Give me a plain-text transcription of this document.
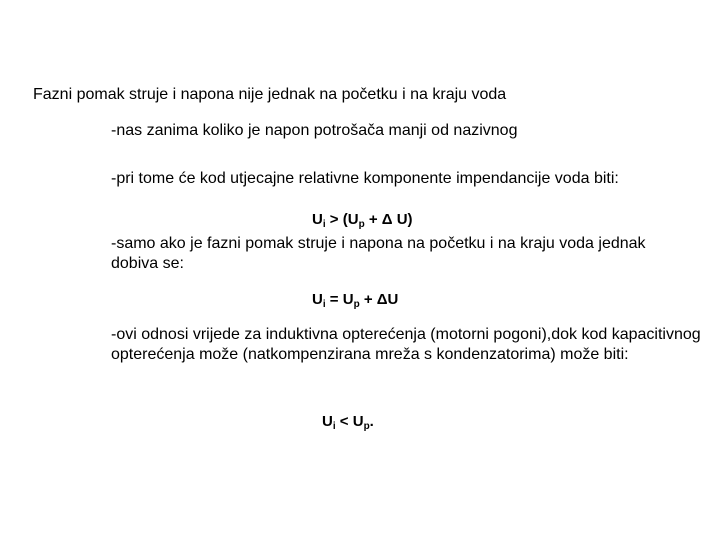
Fazni pomak struje i napona nije jednak na početku i na kraju voda
-nas zanima koliko je napon potrošača manji od nazivnog
-pri tome će kod utjecajne relativne komponente impendancije voda biti:
$U_i > (U_p + \Delta$ U)
-samo ako je fazni pomak struje i napona na početku i na kraju voda jednak dobiva se:
$U_i = U_p + \Delta U$
-ovi odnosi vrijede za induktivna opterećenja (motorni pogoni),dok kod kapacitivnog opterećenja može (natkompenzirana mreža s kondenzatorima) može biti:
$U_i < U_p$.
